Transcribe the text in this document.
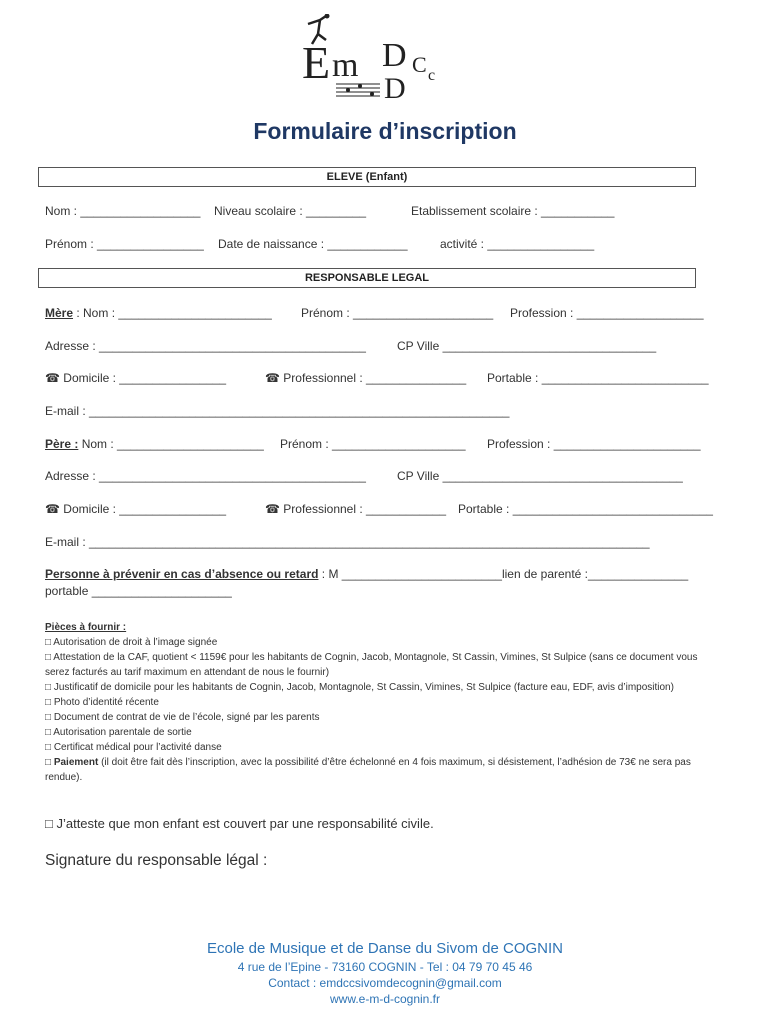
E m D
D
C c
Formulaire d’inscription
ELEVE (Enfant)
Nom : __________________ Niveau scolaire : _________	Etablissement scolaire : ___________
Prénom : ________________ Date de naissance : ____________	activité : ________________
RESPONSABLE LEGAL
Mère : Nom : _______________________ Prénom : _____________________ Profession : ___________________
Adresse : ________________________________________	CP Ville ________________________________
☎ Domicile : ________________	☎ Professionnel : _______________ Portable : _________________________
E-mail : _______________________________________________________________
Père : Nom : ______________________ Prénom : ____________________ Profession : ______________________
Adresse : ________________________________________	CP Ville ____________________________________
☎ Domicile : ________________	☎ Professionnel : ____________ Portable : ______________________________
E-mail : ____________________________________________________________________________________
Personne à prévenir en cas d’absence ou retard : M ________________________lien de parenté :_______________
portable _____________________
Pièces à fournir :
□ Autorisation de droit à l’image signée
□ Attestation de la CAF, quotient < 1159€ pour les habitants de Cognin, Jacob, Montagnole, St Cassin, Vimines, St Sulpice (sans ce document vous serez facturés au tarif maximum en attendant de nous le fournir)
□ Justificatif de domicile pour les habitants de Cognin, Jacob, Montagnole, St Cassin, Vimines, St Sulpice (facture eau, EDF, avis d’imposition)
□ Photo d’identité récente
□ Document de contrat de vie de l’école, signé par les parents
□ Autorisation parentale de sortie
□ Certificat médical pour l’activité danse
□ Paiement (il doit être fait dès l’inscription, avec la possibilité d’être échelonné en 4 fois maximum, si désistement, l’adhésion de 73€ ne sera pas rendue).
□ J’atteste que mon enfant est couvert par une responsabilité civile.
Signature du responsable légal :
Ecole de Musique et de Danse du Sivom de COGNIN
4 rue de l’Epine - 73160 COGNIN - Tel : 04 79 70 45 46
Contact : emdccsivomdecognin@gmail.com
www.e-m-d-cognin.fr
